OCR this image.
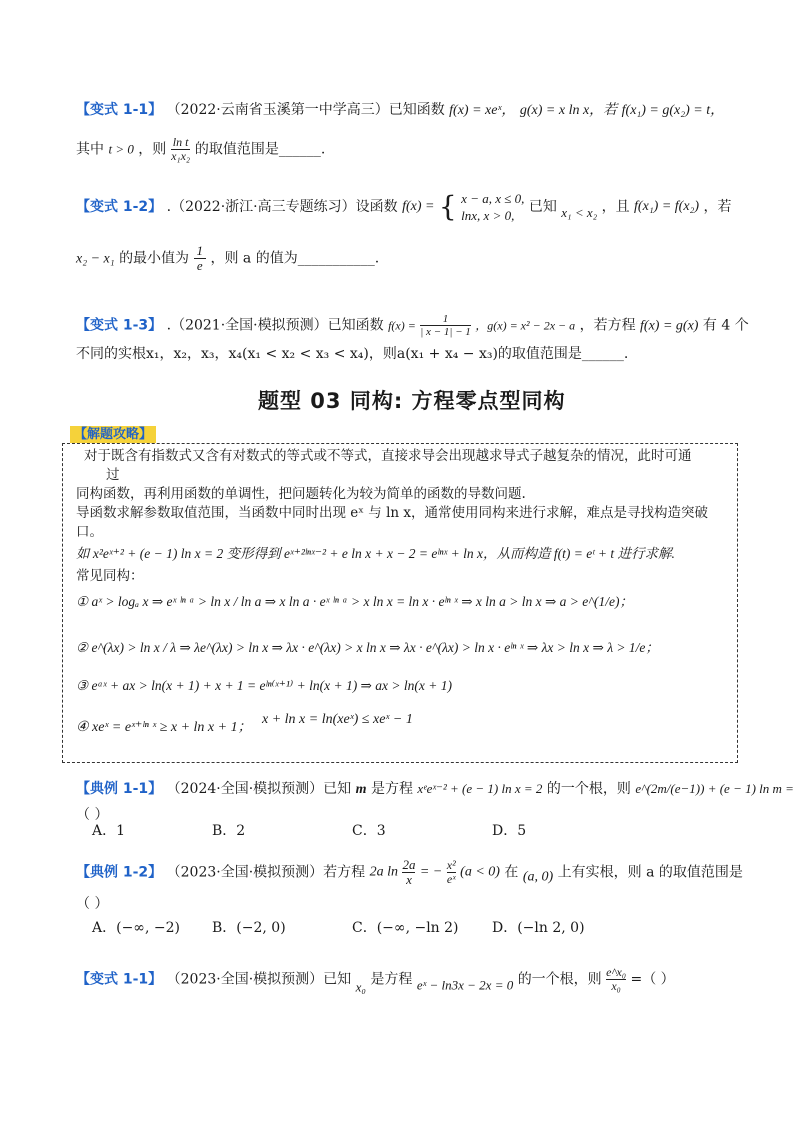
【变式 1-1】 （2022·云南省玉溪第一中学高三）已知函数 f(x) = xeˣ， g(x) = x ln x，若 f(x₁) = g(x₂) = t，
其中 t > 0 ，则 $\frac{\text{ln t}}{\text{x₁x₂}}$ 的取值范围是______.
【变式 1-2】 .（2022·浙江·高三专题练习）设函数 f(x) = { x − a, x ≤ 0,
lnx, x > 0,
已知 x₁ < x₂ ，且 f(x₁) = f(x₂) ，若
x₂ − x₁ 的最小值为 $\frac{1}{e}$ ，则 a 的值为___________.
【变式 1-3】 .（2021·全国·模拟预测）已知函数 $f(x) = \frac{1}{| x - 1| - 1}$ ，g(x) = x² − 2x − a ，若方程 f(x) = g(x) 有 4 个
不同的实根x₁，x₂，x₃，x₄(x₁ < x₂ < x₃ < x₄)，则a(x₁ + x₄ − x₃)的取值范围是______.
题型 03 同构: 方程零点型同构
【解题攻略】
对于既含有指数式又含有对数式的等式或不等式，直接求导会出现越求导式子越复杂的情况，此时可通
过
同构函数，再利用函数的单调性，把问题转化为较为简单的函数的导数问题.
导函数求解参数取值范围，当函数中同时出现 eˣ 与 ln x，通常使用同构来进行求解，难点是寻找构造突破
口。
如 x²eˣ⁺² + (e − 1) ln x = 2 变形得到 eˣ⁺²ˡⁿˣ⁻² + e ln x + x − 2 = eˡⁿˣ + ln x，从而构造 f(t) = eᵗ + t 进行求解.
常见同构：
① aˣ > logₐ x ⇒ eˣ ˡⁿ ᵃ > ln x / ln a ⇒ x ln a · eˣ ˡⁿ ᵃ > x ln x = ln x · eˡⁿ ˣ ⇒ x ln a > ln x ⇒ a > e^(1/e)；
② e^(λx) > ln x / λ ⇒ λe^(λx) > ln x ⇒ λx · e^(λx) > x ln x ⇒ λx · e^(λx) > ln x · eˡⁿ ˣ ⇒ λx > ln x ⇒ λ > 1/e；
③ eᵃˣ + ax > ln(x + 1) + x + 1 = eˡⁿ⁽ˣ⁺¹⁾ + ln(x + 1) ⇒ ax > ln(x + 1)
④ xeˣ = eˣ⁺ˡⁿ ˣ ≥ x + ln x + 1；
x + ln x = ln(xeˣ) ≤ xeˣ − 1
【典例 1-1】 （2024·全国·模拟预测）已知 m 是方程 xᵉeˣ⁻² + (e − 1) ln x = 2 的一个根，则 e^(2m/(e−1)) + (e − 1) ln m =
（ ）
A．1	B．2	C．3	D．5
【典例 1-2】 （2023·全国·模拟预测）若方程 2a $\ln \frac{2a}{x}$ = − $\frac{\text{x²}}{\text{eˣ}} (a < 0)$ 在 (a, 0) 上有实根，则 a 的取值范围是
（ ）
A．(−∞, −2) B．(−2, 0)	C．(−∞, −ln 2) D．(−ln 2, 0)
【变式 1-1】 （2023·全国·模拟预测）已知 x₀ 是方程 eˣ − ln3x − 2x = 0 的一个根，则 $\frac{\text{e\textasciicircum{}x₀}}{\text{x₀}}$ =（ ）
